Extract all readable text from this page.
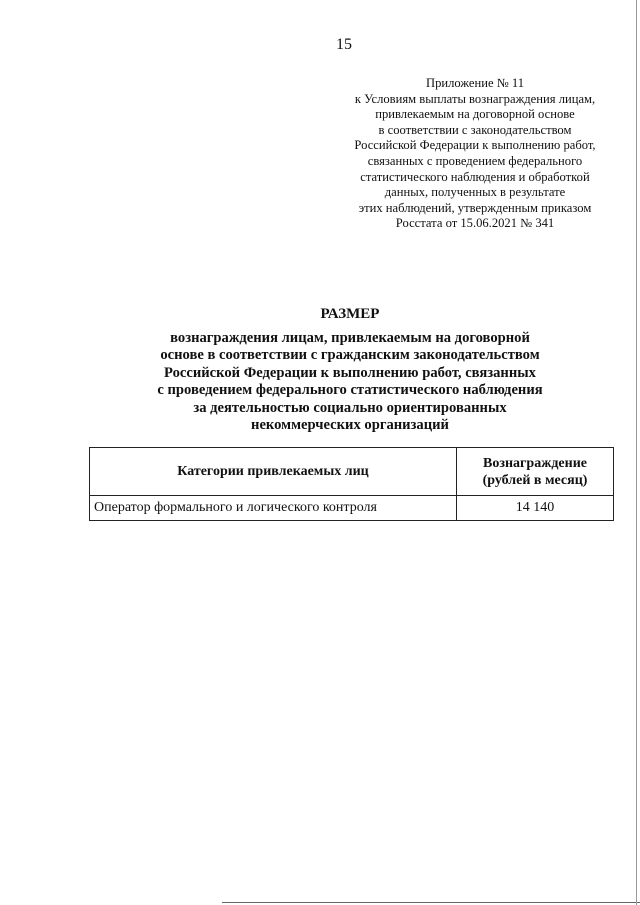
15
Приложение № 11
к Условиям выплаты вознаграждения лицам,
привлекаемым на договорной основе
в соответствии с законодательством
Российской Федерации к выполнению работ,
связанных с проведением федерального
статистического наблюдения и обработкой
данных, полученных в результате
этих наблюдений, утвержденным приказом
Росстата от 15.06.2021 № 341
РАЗМЕР
вознаграждения лицам, привлекаемым на договорной
основе в соответствии с гражданским законодательством
Российской Федерации к выполнению работ, связанных
с проведением федерального статистического наблюдения
за деятельностью социально ориентированных
некоммерческих организаций
Категории привлекаемых лиц	Вознаграждение
(рублей в месяц)

Оператор формального и логического контроля	14 140
